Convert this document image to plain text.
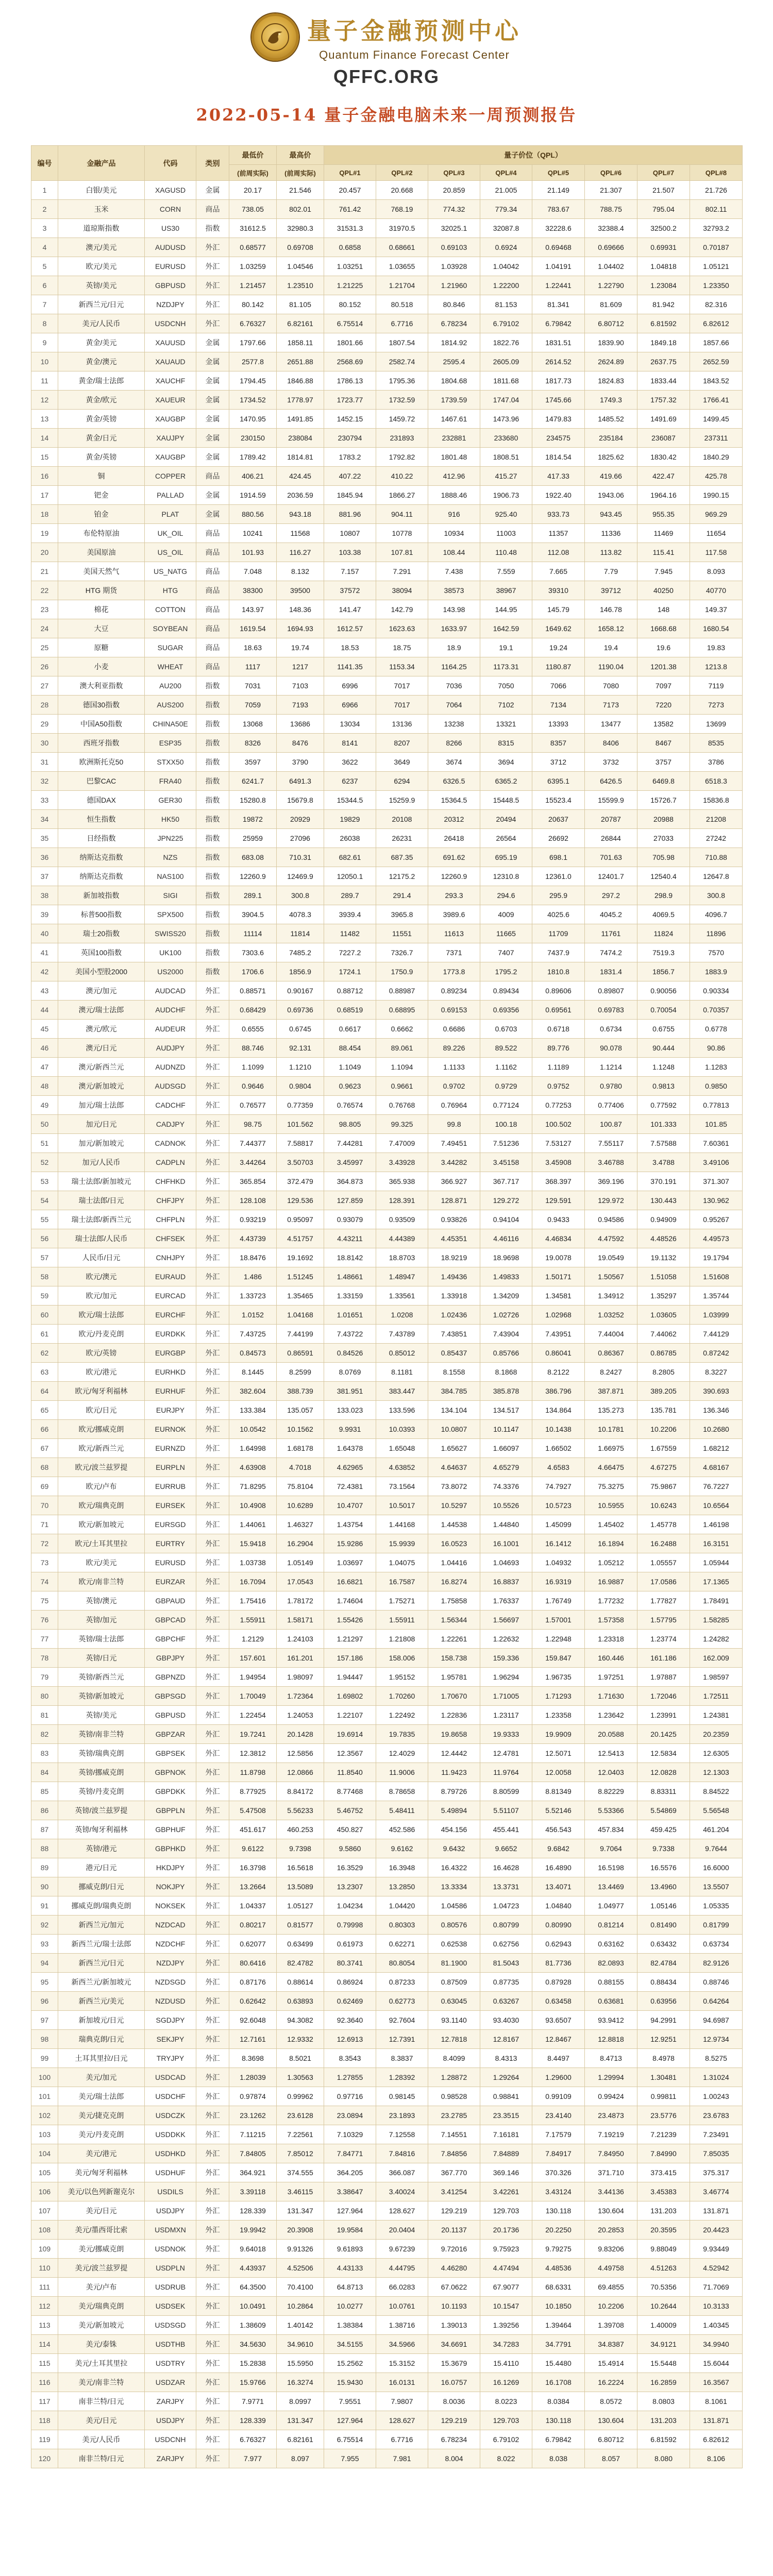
量子金融预测中心
Quantum Finance Forecast Center
QFFC.ORG
2022-05-14 量子金融电脑未来一周预测报告
编号	金融产品	代码	类别	最低价	最高价	量子价位（QPL）							
				(前周实际)	(前周实际)	QPL#1	QPL#2	QPL#3	QPL#4	QPL#5	QPL#6	QPL#7	QPL#8
1	白银/美元	XAGUSD	金属	20.17	21.546	20.457	20.668	20.859	21.005	21.149	21.307	21.507	21.726
2	玉米	CORN	商品	738.05	802.01	761.42	768.19	774.32	779.34	783.67	788.75	795.04	802.11
3	道琼斯指数	US30	指数	31612.5	32980.3	31531.3	31970.5	32025.1	32087.8	32228.6	32388.4	32500.2	32793.2
4	澳元/美元	AUDUSD	外汇	0.68577	0.69708	0.6858	0.68661	0.69103	0.6924	0.69468	0.69666	0.69931	0.70187
5	欧元/美元	EURUSD	外汇	1.03259	1.04546	1.03251	1.03655	1.03928	1.04042	1.04191	1.04402	1.04818	1.05121
6	英镑/美元	GBPUSD	外汇	1.21457	1.23510	1.21225	1.21704	1.21960	1.22200	1.22441	1.22790	1.23084	1.23350
7	新西兰元/日元	NZDJPY	外汇	80.142	81.105	80.152	80.518	80.846	81.153	81.341	81.609	81.942	82.316
8	美元/人民币	USDCNH	外汇	6.76327	6.82161	6.75514	6.7716	6.78234	6.79102	6.79842	6.80712	6.81592	6.82612
9	黄金/美元	XAUUSD	金属	1797.66	1858.11	1801.66	1807.54	1814.92	1822.76	1831.51	1839.90	1849.18	1857.66
10	黄金/澳元	XAUAUD	金属	2577.8	2651.88	2568.69	2582.74	2595.4	2605.09	2614.52	2624.89	2637.75	2652.59
11	黄金/瑞士法郎	XAUCHF	金属	1794.45	1846.88	1786.13	1795.36	1804.68	1811.68	1817.73	1824.83	1833.44	1843.52
12	黄金/欧元	XAUEUR	金属	1734.52	1778.97	1723.77	1732.59	1739.59	1747.04	1745.66	1749.3	1757.32	1766.41
13	黄金/英镑	XAUGBP	金属	1470.95	1491.85	1452.15	1459.72	1467.61	1473.96	1479.83	1485.52	1491.69	1499.45
14	黄金/日元	XAUJPY	金属	230150	238084	230794	231893	232881	233680	234575	235184	236087	237311
15	黄金/英镑	XAUGBP	金属	1789.42	1814.81	1783.2	1792.82	1801.48	1808.51	1814.54	1825.62	1830.42	1840.29
16	铜	COPPER	商品	406.21	424.45	407.22	410.22	412.96	415.27	417.33	419.66	422.47	425.78
17	钯金	PALLAD	金属	1914.59	2036.59	1845.94	1866.27	1888.46	1906.73	1922.40	1943.06	1964.16	1990.15
18	铂金	PLAT	金属	880.56	943.18	881.96	904.11	916	925.40	933.73	943.45	955.35	969.29
19	布伦特原油	UK_OIL	商品	10241	11568	10807	10778	10934	11003	11357	11336	11469	11654
20	美国原油	US_OIL	商品	101.93	116.27	103.38	107.81	108.44	110.48	112.08	113.82	115.41	117.58
21	美国天然气	US_NATG	商品	7.048	8.132	7.157	7.291	7.438	7.559	7.665	7.79	7.945	8.093
22	HTG 期货	HTG	商品	38300	39500	37572	38094	38573	38967	39310	39712	40250	40770
23	棉花	COTTON	商品	143.97	148.36	141.47	142.79	143.98	144.95	145.79	146.78	148	149.37
24	大豆	SOYBEAN	商品	1619.54	1694.93	1612.57	1623.63	1633.97	1642.59	1649.62	1658.12	1668.68	1680.54
25	原糖	SUGAR	商品	18.63	19.74	18.53	18.75	18.9	19.1	19.24	19.4	19.6	19.83
26	小麦	WHEAT	商品	1117	1217	1141.35	1153.34	1164.25	1173.31	1180.87	1190.04	1201.38	1213.8
27	澳大利亚指数	AU200	指数	7031	7103	6996	7017	7036	7050	7066	7080	7097	7119
28	德国30指数	AUS200	指数	7059	7193	6966	7017	7064	7102	7134	7173	7220	7273
29	中国A50指数	CHINA50E	指数	13068	13686	13034	13136	13238	13321	13393	13477	13582	13699
30	西班牙指数	ESP35	指数	8326	8476	8141	8207	8266	8315	8357	8406	8467	8535
31	欧洲斯托克50	STXX50	指数	3597	3790	3622	3649	3674	3694	3712	3732	3757	3786
32	巴黎CAC	FRA40	指数	6241.7	6491.3	6237	6294	6326.5	6365.2	6395.1	6426.5	6469.8	6518.3
33	德国DAX	GER30	指数	15280.8	15679.8	15344.5	15259.9	15364.5	15448.5	15523.4	15599.9	15726.7	15836.8
34	恒生指数	HK50	指数	19872	20929	19829	20108	20312	20494	20637	20787	20988	21208
35	日经指数	JPN225	指数	25959	27096	26038	26231	26418	26564	26692	26844	27033	27242
36	纳斯达克指数	NZS	指数	683.08	710.31	682.61	687.35	691.62	695.19	698.1	701.63	705.98	710.88
37	纳斯达克指数	NAS100	指数	12260.9	12469.9	12050.1	12175.2	12260.9	12310.8	12361.0	12401.7	12540.4	12647.8
38	新加坡指数	SIGI	指数	289.1	300.8	289.7	291.4	293.3	294.6	295.9	297.2	298.9	300.8
39	标普500指数	SPX500	指数	3904.5	4078.3	3939.4	3965.8	3989.6	4009	4025.6	4045.2	4069.5	4096.7
40	瑞士20指数	SWISS20	指数	11114	11814	11482	11551	11613	11665	11709	11761	11824	11896
41	英国100指数	UK100	指数	7303.6	7485.2	7227.2	7326.7	7371	7407	7437.9	7474.2	7519.3	7570
42	美国小型股2000	US2000	指数	1706.6	1856.9	1724.1	1750.9	1773.8	1795.2	1810.8	1831.4	1856.7	1883.9
43	澳元/加元	AUDCAD	外汇	0.88571	0.90167	0.88712	0.88987	0.89234	0.89434	0.89606	0.89807	0.90056	0.90334
44	澳元/瑞士法郎	AUDCHF	外汇	0.68429	0.69736	0.68519	0.68895	0.69153	0.69356	0.69561	0.69783	0.70054	0.70357
45	澳元/欧元	AUDEUR	外汇	0.6555	0.6745	0.6617	0.6662	0.6686	0.6703	0.6718	0.6734	0.6755	0.6778
46	澳元/日元	AUDJPY	外汇	88.746	92.131	88.454	89.061	89.226	89.522	89.776	90.078	90.444	90.86
47	澳元/新西兰元	AUDNZD	外汇	1.1099	1.1210	1.1049	1.1094	1.1133	1.1162	1.1189	1.1214	1.1248	1.1283
48	澳元/新加坡元	AUDSGD	外汇	0.9646	0.9804	0.9623	0.9661	0.9702	0.9729	0.9752	0.9780	0.9813	0.9850
49	加元/瑞士法郎	CADCHF	外汇	0.76577	0.77359	0.76574	0.76768	0.76964	0.77124	0.77253	0.77406	0.77592	0.77813
50	加元/日元	CADJPY	外汇	98.75	101.562	98.805	99.325	99.8	100.18	100.502	100.87	101.333	101.85
51	加元/新加坡元	CADNOK	外汇	7.44377	7.58817	7.44281	7.47009	7.49451	7.51236	7.53127	7.55117	7.57588	7.60361
52	加元/人民币	CADPLN	外汇	3.44264	3.50703	3.45997	3.43928	3.44282	3.45158	3.45908	3.46788	3.4788	3.49106
53	瑞士法郎/新加坡元	CHFHKD	外汇	365.854	372.479	364.873	365.938	366.927	367.717	368.397	369.196	370.191	371.307
54	瑞士法郎/日元	CHFJPY	外汇	128.108	129.536	127.859	128.391	128.871	129.272	129.591	129.972	130.443	130.962
55	瑞士法郎/新西兰元	CHFPLN	外汇	0.93219	0.95097	0.93079	0.93509	0.93826	0.94104	0.9433	0.94586	0.94909	0.95267
56	瑞士法郎/人民币	CHFSEK	外汇	4.43739	4.51757	4.43211	4.44389	4.45351	4.46116	4.46834	4.47592	4.48526	4.49573
57	人民币/日元	CNHJPY	外汇	18.8476	19.1692	18.8142	18.8703	18.9219	18.9698	19.0078	19.0549	19.1132	19.1794
58	欧元/澳元	EURAUD	外汇	1.486	1.51245	1.48661	1.48947	1.49436	1.49833	1.50171	1.50567	1.51058	1.51608
59	欧元/加元	EURCAD	外汇	1.33723	1.35465	1.33159	1.33561	1.33918	1.34209	1.34581	1.34912	1.35297	1.35744
60	欧元/瑞士法郎	EURCHF	外汇	1.0152	1.04168	1.01651	1.0208	1.02436	1.02726	1.02968	1.03252	1.03605	1.03999
61	欧元/丹麦克朗	EURDKK	外汇	7.43725	7.44199	7.43722	7.43789	7.43851	7.43904	7.43951	7.44004	7.44062	7.44129
62	欧元/英镑	EURGBP	外汇	0.84573	0.86591	0.84526	0.85012	0.85437	0.85766	0.86041	0.86367	0.86785	0.87242
63	欧元/港元	EURHKD	外汇	8.1445	8.2599	8.0769	8.1181	8.1558	8.1868	8.2122	8.2427	8.2805	8.3227
64	欧元/匈牙利福林	EURHUF	外汇	382.604	388.739	381.951	383.447	384.785	385.878	386.796	387.871	389.205	390.693
65	欧元/日元	EURJPY	外汇	133.384	135.057	133.023	133.596	134.104	134.517	134.864	135.273	135.781	136.346
66	欧元/挪威克朗	EURNOK	外汇	10.0542	10.1562	9.9931	10.0393	10.0807	10.1147	10.1438	10.1781	10.2206	10.2680
67	欧元/新西兰元	EURNZD	外汇	1.64998	1.68178	1.64378	1.65048	1.65627	1.66097	1.66502	1.66975	1.67559	1.68212
68	欧元/波兰兹罗提	EURPLN	外汇	4.63908	4.7018	4.62965	4.63852	4.64637	4.65279	4.6583	4.66475	4.67275	4.68167
69	欧元/卢布	EURRUB	外汇	71.8295	75.8104	72.4381	73.1564	73.8072	74.3376	74.7927	75.3275	75.9867	76.7227
70	欧元/瑞典克朗	EURSEK	外汇	10.4908	10.6289	10.4707	10.5017	10.5297	10.5526	10.5723	10.5955	10.6243	10.6564
71	欧元/新加坡元	EURSGD	外汇	1.44061	1.46327	1.43754	1.44168	1.44538	1.44840	1.45099	1.45402	1.45778	1.46198
72	欧元/土耳其里拉	EURTRY	外汇	15.9418	16.2904	15.9286	15.9939	16.0523	16.1001	16.1412	16.1894	16.2488	16.3151
73	欧元/美元	EURUSD	外汇	1.03738	1.05149	1.03697	1.04075	1.04416	1.04693	1.04932	1.05212	1.05557	1.05944
74	欧元/南非兰特	EURZAR	外汇	16.7094	17.0543	16.6821	16.7587	16.8274	16.8837	16.9319	16.9887	17.0586	17.1365
75	英镑/澳元	GBPAUD	外汇	1.75416	1.78172	1.74604	1.75271	1.75858	1.76337	1.76749	1.77232	1.77827	1.78491
76	英镑/加元	GBPCAD	外汇	1.55911	1.58171	1.55426	1.55911	1.56344	1.56697	1.57001	1.57358	1.57795	1.58285
77	英镑/瑞士法郎	GBPCHF	外汇	1.2129	1.24103	1.21297	1.21808	1.22261	1.22632	1.22948	1.23318	1.23774	1.24282
78	英镑/日元	GBPJPY	外汇	157.601	161.201	157.186	158.006	158.738	159.336	159.847	160.446	161.186	162.009
79	英镑/新西兰元	GBPNZD	外汇	1.94954	1.98097	1.94447	1.95152	1.95781	1.96294	1.96735	1.97251	1.97887	1.98597
80	英镑/新加坡元	GBPSGD	外汇	1.70049	1.72364	1.69802	1.70260	1.70670	1.71005	1.71293	1.71630	1.72046	1.72511
81	英镑/美元	GBPUSD	外汇	1.22454	1.24053	1.22107	1.22492	1.22836	1.23117	1.23358	1.23642	1.23991	1.24381
82	英镑/南非兰特	GBPZAR	外汇	19.7241	20.1428	19.6914	19.7835	19.8658	19.9333	19.9909	20.0588	20.1425	20.2359
83	英镑/瑞典克朗	GBPSEK	外汇	12.3812	12.5856	12.3567	12.4029	12.4442	12.4781	12.5071	12.5413	12.5834	12.6305
84	英镑/挪威克朗	GBPNOK	外汇	11.8798	12.0866	11.8540	11.9006	11.9423	11.9764	12.0058	12.0403	12.0828	12.1303
85	英镑/丹麦克朗	GBPDKK	外汇	8.77925	8.84172	8.77468	8.78658	8.79726	8.80599	8.81349	8.82229	8.83311	8.84522
86	英镑/波兰兹罗提	GBPPLN	外汇	5.47508	5.56233	5.46752	5.48411	5.49894	5.51107	5.52146	5.53366	5.54869	5.56548
87	英镑/匈牙利福林	GBPHUF	外汇	451.617	460.253	450.827	452.586	454.156	455.441	456.543	457.834	459.425	461.204
88	英镑/港元	GBPHKD	外汇	9.6122	9.7398	9.5860	9.6162	9.6432	9.6652	9.6842	9.7064	9.7338	9.7644
89	港元/日元	HKDJPY	外汇	16.3798	16.5618	16.3529	16.3948	16.4322	16.4628	16.4890	16.5198	16.5576	16.6000
90	挪威克朗/日元	NOKJPY	外汇	13.2664	13.5089	13.2307	13.2850	13.3334	13.3731	13.4071	13.4469	13.4960	13.5507
91	挪威克朗/瑞典克朗	NOKSEK	外汇	1.04337	1.05127	1.04234	1.04420	1.04586	1.04723	1.04840	1.04977	1.05146	1.05335
92	新西兰元/加元	NZDCAD	外汇	0.80217	0.81577	0.79998	0.80303	0.80576	0.80799	0.80990	0.81214	0.81490	0.81799
93	新西兰元/瑞士法郎	NZDCHF	外汇	0.62077	0.63499	0.61973	0.62271	0.62538	0.62756	0.62943	0.63162	0.63432	0.63734
94	新西兰元/日元	NZDJPY	外汇	80.6416	82.4782	80.3741	80.8054	81.1900	81.5043	81.7736	82.0893	82.4784	82.9126
95	新西兰元/新加坡元	NZDSGD	外汇	0.87176	0.88614	0.86924	0.87233	0.87509	0.87735	0.87928	0.88155	0.88434	0.88746
96	新西兰元/美元	NZDUSD	外汇	0.62642	0.63893	0.62469	0.62773	0.63045	0.63267	0.63458	0.63681	0.63956	0.64264
97	新加坡元/日元	SGDJPY	外汇	92.6048	94.3082	92.3640	92.7604	93.1140	93.4030	93.6507	93.9412	94.2991	94.6987
98	瑞典克朗/日元	SEKJPY	外汇	12.7161	12.9332	12.6913	12.7391	12.7818	12.8167	12.8467	12.8818	12.9251	12.9734
99	土耳其里拉/日元	TRYJPY	外汇	8.3698	8.5021	8.3543	8.3837	8.4099	8.4313	8.4497	8.4713	8.4978	8.5275
100	美元/加元	USDCAD	外汇	1.28039	1.30563	1.27855	1.28392	1.28872	1.29264	1.29600	1.29994	1.30481	1.31024
101	美元/瑞士法郎	USDCHF	外汇	0.97874	0.99962	0.97716	0.98145	0.98528	0.98841	0.99109	0.99424	0.99811	1.00243
102	美元/捷克克朗	USDCZK	外汇	23.1262	23.6128	23.0894	23.1893	23.2785	23.3515	23.4140	23.4873	23.5776	23.6783
103	美元/丹麦克朗	USDDKK	外汇	7.11215	7.22561	7.10329	7.12558	7.14551	7.16181	7.17579	7.19219	7.21239	7.23491
104	美元/港元	USDHKD	外汇	7.84805	7.85012	7.84771	7.84816	7.84856	7.84889	7.84917	7.84950	7.84990	7.85035
105	美元/匈牙利福林	USDHUF	外汇	364.921	374.555	364.205	366.087	367.770	369.146	370.326	371.710	373.415	375.317
106	美元/以色列新谢克尔	USDILS	外汇	3.39118	3.46115	3.38647	3.40024	3.41254	3.42261	3.43124	3.44136	3.45383	3.46774
107	美元/日元	USDJPY	外汇	128.339	131.347	127.964	128.627	129.219	129.703	130.118	130.604	131.203	131.871
108	美元/墨西哥比索	USDMXN	外汇	19.9942	20.3908	19.9584	20.0404	20.1137	20.1736	20.2250	20.2853	20.3595	20.4423
109	美元/挪威克朗	USDNOK	外汇	9.64018	9.91326	9.61893	9.67239	9.72016	9.75923	9.79275	9.83206	9.88049	9.93449
110	美元/波兰兹罗提	USDPLN	外汇	4.43937	4.52506	4.43133	4.44795	4.46280	4.47494	4.48536	4.49758	4.51263	4.52942
111	美元/卢布	USDRUB	外汇	64.3500	70.4100	64.8713	66.0283	67.0622	67.9077	68.6331	69.4855	70.5356	71.7069
112	美元/瑞典克朗	USDSEK	外汇	10.0491	10.2864	10.0277	10.0761	10.1193	10.1547	10.1850	10.2206	10.2644	10.3133
113	美元/新加坡元	USDSGD	外汇	1.38609	1.40142	1.38384	1.38716	1.39013	1.39256	1.39464	1.39708	1.40009	1.40345
114	美元/泰铢	USDTHB	外汇	34.5630	34.9610	34.5155	34.5966	34.6691	34.7283	34.7791	34.8387	34.9121	34.9940
115	美元/土耳其里拉	USDTRY	外汇	15.2838	15.5950	15.2562	15.3152	15.3679	15.4110	15.4480	15.4914	15.5448	15.6044
116	美元/南非兰特	USDZAR	外汇	15.9766	16.3274	15.9430	16.0131	16.0757	16.1269	16.1708	16.2224	16.2859	16.3567
117	南非兰特/日元	ZARJPY	外汇	7.9771	8.0997	7.9551	7.9807	8.0036	8.0223	8.0384	8.0572	8.0803	8.1061
118	美元/日元	USDJPY	外汇	128.339	131.347	127.964	128.627	129.219	129.703	130.118	130.604	131.203	131.871
119	美元/人民币	USDCNH	外汇	6.76327	6.82161	6.75514	6.7716	6.78234	6.79102	6.79842	6.80712	6.81592	6.82612
120	南非兰特/日元	ZARJPY	外汇	7.977	8.097	7.955	7.981	8.004	8.022	8.038	8.057	8.080	8.106
